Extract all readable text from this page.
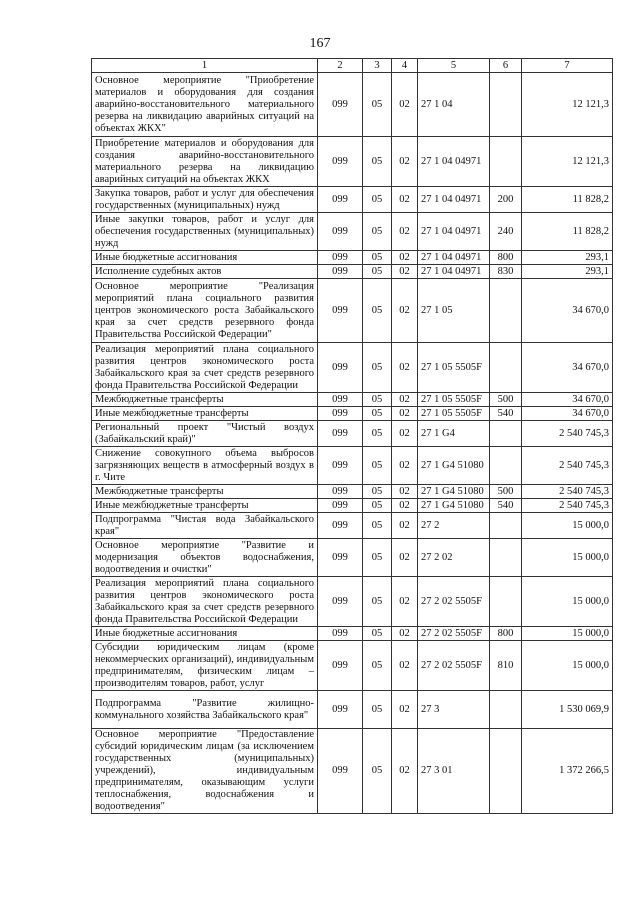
167
1	2	3	4	5	6	7
Основное мероприятие "Приобретение материалов и оборудования для создания аварийно-восстановительного материального резерва на ликвидацию аварийных ситуаций на объектах ЖКХ"	099	05	02	27 1 04		12 121,3
Приобретение материалов и оборудования для создания аварийно-восстановительного материального резерва на ликвидацию аварийных ситуаций на объектах ЖКХ	099	05	02	27 1 04 04971		12 121,3
Закупка товаров, работ и услуг для обеспечения государственных (муниципальных) нужд	099	05	02	27 1 04 04971	200	11 828,2
Иные закупки товаров, работ и услуг для обеспечения государственных (муниципальных) нужд	099	05	02	27 1 04 04971	240	11 828,2
Иные бюджетные ассигнования	099	05	02	27 1 04 04971	800	293,1
Исполнение судебных актов	099	05	02	27 1 04 04971	830	293,1
Основное мероприятие "Реализация мероприятий плана социального развития центров экономического роста Забайкальского края за счет средств резервного фонда Правительства Российской Федерации"	099	05	02	27 1 05		34 670,0
Реализация мероприятий плана социального развития центров экономического роста Забайкальского края за счет средств резервного фонда Правительства Российской Федерации	099	05	02	27 1 05 5505F		34 670,0
Межбюджетные трансферты	099	05	02	27 1 05 5505F	500	34 670,0
Иные межбюджетные трансферты	099	05	02	27 1 05 5505F	540	34 670,0
Региональный проект "Чистый воздух (Забайкальский край)"	099	05	02	27 1 G4		2 540 745,3
Снижение совокупного объема выбросов загрязняющих веществ в атмосферный воздух в г. Чите	099	05	02	27 1 G4 51080		2 540 745,3
Межбюджетные трансферты	099	05	02	27 1 G4 51080	500	2 540 745,3
Иные межбюджетные трансферты	099	05	02	27 1 G4 51080	540	2 540 745,3
Подпрограмма "Чистая вода Забайкальского края"	099	05	02	27 2		15 000,0
Основное мероприятие "Развитие и модернизация объектов водоснабжения, водоотведения и очистки"	099	05	02	27 2 02		15 000,0
Реализация мероприятий плана социального развития центров экономического роста Забайкальского края за счет средств резервного фонда Правительства Российской Федерации	099	05	02	27 2 02 5505F		15 000,0
Иные бюджетные ассигнования	099	05	02	27 2 02 5505F	800	15 000,0
Субсидии юридическим лицам (кроме некоммерческих организаций), индивидуальным предпринимателям, физическим лицам – производителям товаров, работ, услуг	099	05	02	27 2 02 5505F	810	15 000,0
Подпрограмма "Развитие жилищно-коммунального хозяйства Забайкальского края"	099	05	02	27 3		1 530 069,9
Основное мероприятие "Предоставление субсидий юридическим лицам (за исключением государственных (муниципальных) учреждений), индивидуальным предпринимателям, оказывающим услуги теплоснабжения, водоснабжения и водоотведения"	099	05	02	27 3 01		1 372 266,5
